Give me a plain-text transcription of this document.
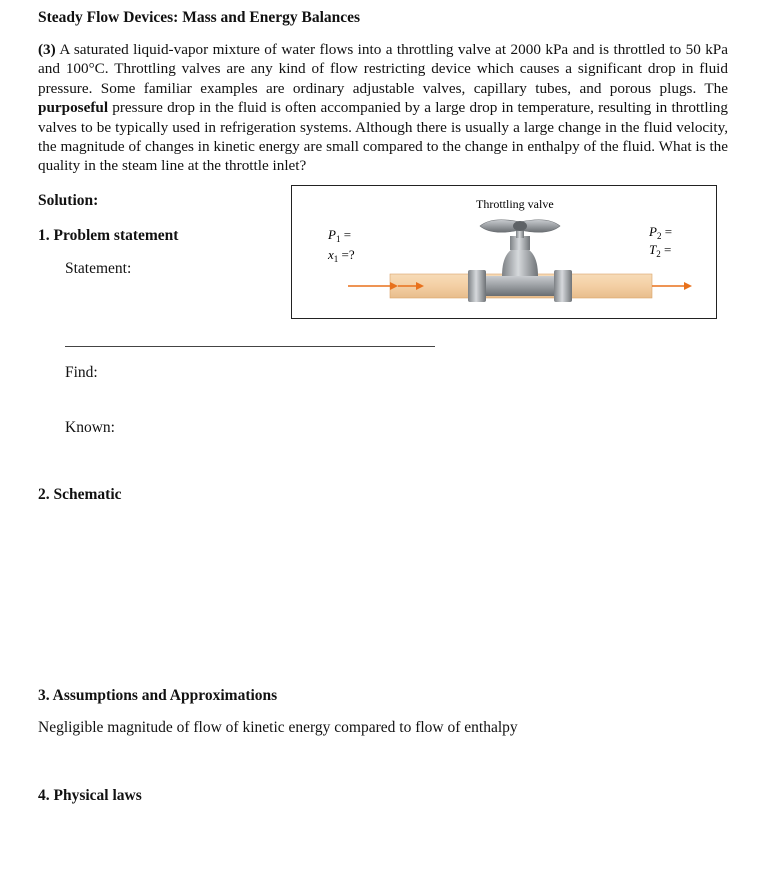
Steady Flow Devices: Mass and Energy Balances
(3) A saturated liquid-vapor mixture of water flows into a throttling valve at 2000 kPa and is throttled to 50 kPa and 100°C. Throttling valves are any kind of flow restricting device which causes a significant drop in fluid pressure. Some familiar examples are ordinary adjustable valves, capillary tubes, and porous plugs. The purposeful pressure drop in the fluid is often accompanied by a large drop in temperature, resulting in throttling valves to be typically used in refrigeration systems. Although there is usually a large change in the fluid velocity, the magnitude of changes in kinetic energy are small compared to the change in enthalpy of the fluid. What is the quality in the steam line at the throttle inlet?
Solution:
1. Problem statement
Statement:
Find:
Known:
2. Schematic
3. Assumptions and Approximations
Negligible magnitude of flow of kinetic energy compared to flow of enthalpy
4. Physical laws
Throttling valve
$P_1$ =
$x_1$ =?
$P_2$ =
$T_2$ =
